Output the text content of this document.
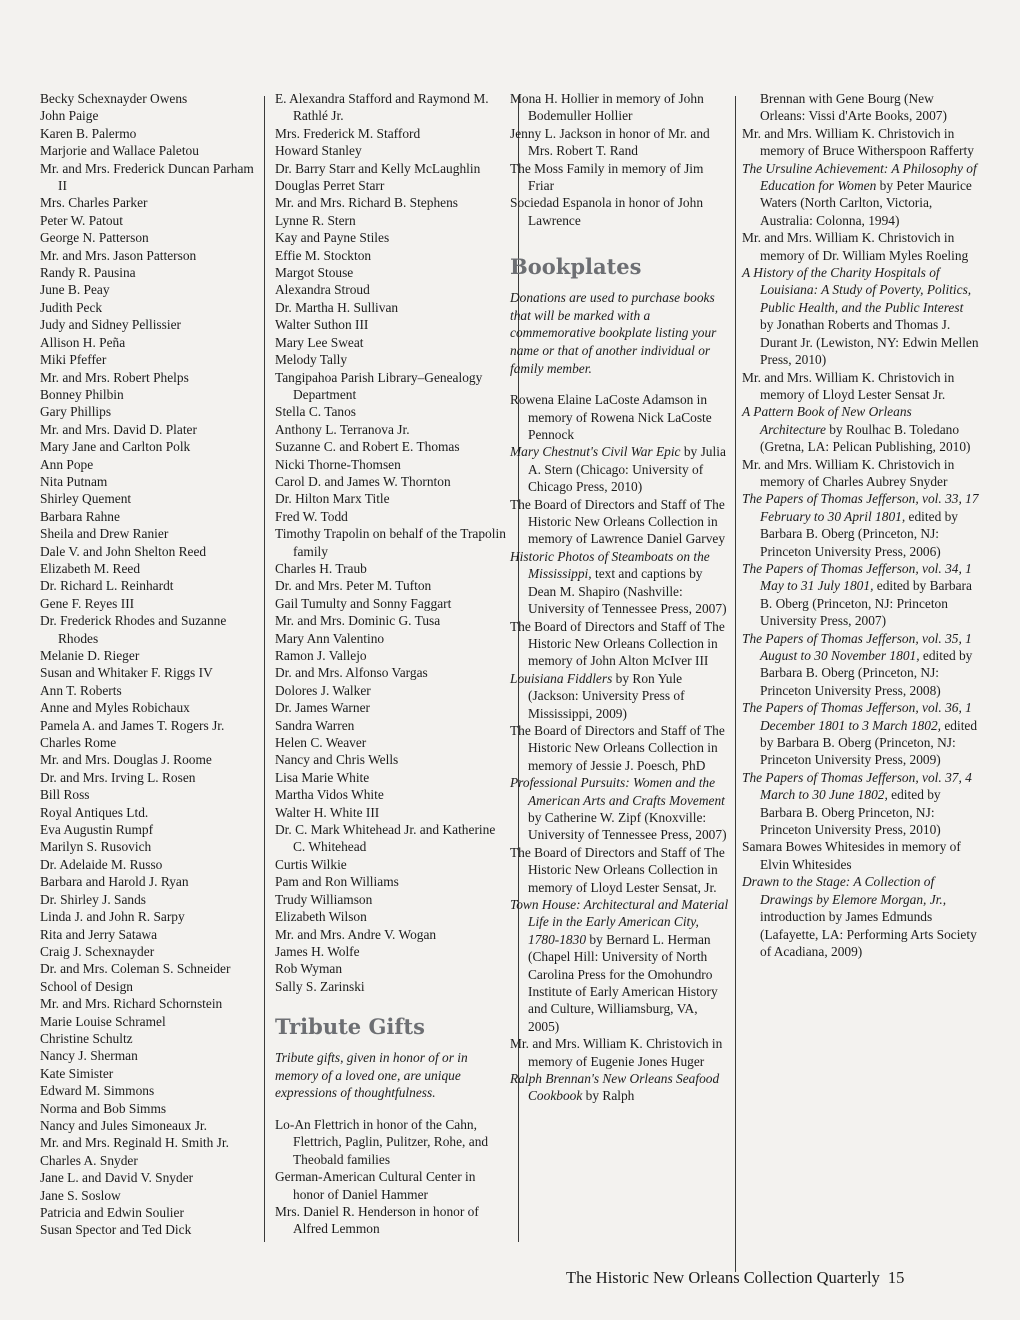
Becky Schexnayder Owens

John Paige

Karen B. Palermo

Marjorie and Wallace Paletou

Mr. and Mrs. Frederick Duncan Parham II

Mrs. Charles Parker

Peter W. Patout

George N. Patterson

Mr. and Mrs. Jason Patterson

Randy R. Pausina

June B. Peay

Judith Peck

Judy and Sidney Pellissier

Allison H. Peña

Miki Pfeffer

Mr. and Mrs. Robert Phelps

Bonney Philbin

Gary Phillips

Mr. and Mrs. David D. Plater

Mary Jane and Carlton Polk

Ann Pope

Nita Putnam

Shirley Quement

Barbara Rahne

Sheila and Drew Ranier

Dale V. and John Shelton Reed

Elizabeth M. Reed

Dr. Richard L. Reinhardt

Gene F. Reyes III

Dr. Frederick Rhodes and Suzanne Rhodes

Melanie D. Rieger

Susan and Whitaker F. Riggs IV

Ann T. Roberts

Anne and Myles Robichaux

Pamela A. and James T. Rogers Jr.

Charles Rome

Mr. and Mrs. Douglas J. Roome

Dr. and Mrs. Irving L. Rosen

Bill Ross

Royal Antiques Ltd.

Eva Augustin Rumpf

Marilyn S. Rusovich

Dr. Adelaide M. Russo

Barbara and Harold J. Ryan

Dr. Shirley J. Sands

Linda J. and John R. Sarpy

Rita and Jerry Satawa

Craig J. Schexnayder

Dr. and Mrs. Coleman S. Schneider

School of Design

Mr. and Mrs. Richard Schornstein

Marie Louise Schramel

Christine Schultz

Nancy J. Sherman

Kate Simister

Edward M. Simmons

Norma and Bob Simms

Nancy and Jules Simoneaux Jr.

Mr. and Mrs. Reginald H. Smith Jr.

Charles A. Snyder

Jane L. and David V. Snyder

Jane S. Soslow

Patricia and Edwin Soulier

Susan Spector and Ted Dick

E. Alexandra Stafford and Raymond M. Rathlé Jr.

Mrs. Frederick M. Stafford

Howard Stanley

Dr. Barry Starr and Kelly McLaughlin

Douglas Perret Starr

Mr. and Mrs. Richard B. Stephens

Lynne R. Stern

Kay and Payne Stiles

Effie M. Stockton

Margot Stouse

Alexandra Stroud

Dr. Martha H. Sullivan

Walter Suthon III

Mary Lee Sweat

Melody Tally

Tangipahoa Parish Library–Genealogy Department

Stella C. Tanos

Anthony L. Terranova Jr.

Suzanne C. and Robert E. Thomas

Nicki Thorne-Thomsen

Carol D. and James W. Thornton

Dr. Hilton Marx Title

Fred W. Todd

Timothy Trapolin on behalf of the Trapolin family

Charles H. Traub

Dr. and Mrs. Peter M. Tufton

Gail Tumulty and Sonny Faggart

Mr. and Mrs. Dominic G. Tusa

Mary Ann Valentino

Ramon J. Vallejo

Dr. and Mrs. Alfonso Vargas

Dolores J. Walker

Dr. James Warner

Sandra Warren

Helen C. Weaver

Nancy and Chris Wells

Lisa Marie White

Martha Vidos White

Walter H. White III

Dr. C. Mark Whitehead Jr. and Katherine C. Whitehead

Curtis Wilkie

Pam and Ron Williams

Trudy Williamson

Elizabeth Wilson

Mr. and Mrs. Andre V. Wogan

James H. Wolfe

Rob Wyman

Sally S. Zarinski

Tribute Gifts

Tribute gifts, given in honor of or in memory of a loved one, are unique expressions of thoughtfulness.

Lo-An Flettrich in honor of the Cahn, Flettrich, Paglin, Pulitzer, Rohe, and Theobald families

German-American Cultural Center in honor of Daniel Hammer

Mrs. Daniel R. Henderson in honor of Alfred Lemmon

Mona H. Hollier in memory of John Bodemuller Hollier

Jenny L. Jackson in honor of Mr. and Mrs. Robert T. Rand

The Moss Family in memory of Jim Friar

Sociedad Espanola in honor of John Lawrence

Bookplates

Donations are used to purchase books that will be marked with a commemorative bookplate listing your name or that of another individual or family member.

Rowena Elaine LaCoste Adamson in memory of Rowena Nick LaCoste Pennock
Mary Chestnut's Civil War Epic by Julia A. Stern (Chicago: University of Chicago Press, 2010)
The Board of Directors and Staff of The Historic New Orleans Collection in memory of Lawrence Daniel Garvey
Historic Photos of Steamboats on the Mississippi, text and captions by Dean M. Shapiro (Nashville: University of Tennessee Press, 2007)
The Board of Directors and Staff of The Historic New Orleans Collection in memory of John Alton McIver III
Louisiana Fiddlers by Ron Yule (Jackson: University Press of Mississippi, 2009)
The Board of Directors and Staff of The Historic New Orleans Collection in memory of Jessie J. Poesch, PhD
Professional Pursuits: Women and the American Arts and Crafts Movement by Catherine W. Zipf (Knoxville: University of Tennessee Press, 2007)
The Board of Directors and Staff of The Historic New Orleans Collection in memory of Lloyd Lester Sensat, Jr.
Town House: Architectural and Material Life in the Early American City, 1780-1830 by Bernard L. Herman (Chapel Hill: University of North Carolina Press for the Omohundro Institute of Early American History and Culture, Williamsburg, VA, 2005)
Mr. and Mrs. William K. Christovich in memory of Eugenie Jones Huger
Ralph Brennan's New Orleans Seafood Cookbook by Ralph

Brennan with Gene Bourg (New Orleans: Vissi d'Arte Books, 2007)

Mr. and Mrs. William K. Christovich in memory of Bruce Witherspoon Rafferty
The Ursuline Achievement: A Philosophy of Education for Women by Peter Maurice Waters (North Carlton, Victoria, Australia: Colonna, 1994)
Mr. and Mrs. William K. Christovich in memory of Dr. William Myles Roeling
A History of the Charity Hospitals of Louisiana: A Study of Poverty, Politics, Public Health, and the Public Interest by Jonathan Roberts and Thomas J. Durant Jr. (Lewiston, NY: Edwin Mellen Press, 2010)
Mr. and Mrs. William K. Christovich in memory of Lloyd Lester Sensat Jr.
A Pattern Book of New Orleans Architecture by Roulhac B. Toledano (Gretna, LA: Pelican Publishing, 2010)
Mr. and Mrs. William K. Christovich in memory of Charles Aubrey Snyder
The Papers of Thomas Jefferson, vol. 33, 17 February to 30 April 1801, edited by Barbara B. Oberg (Princeton, NJ: Princeton University Press, 2006)
The Papers of Thomas Jefferson, vol. 34, 1 May to 31 July 1801, edited by Barbara B. Oberg (Princeton, NJ: Princeton University Press, 2007)
The Papers of Thomas Jefferson, vol. 35, 1 August to 30 November 1801, edited by Barbara B. Oberg (Princeton, NJ: Princeton University Press, 2008)
The Papers of Thomas Jefferson, vol. 36, 1 December 1801 to 3 March 1802, edited by Barbara B. Oberg (Princeton, NJ: Princeton University Press, 2009)
The Papers of Thomas Jefferson, vol. 37, 4 March to 30 June 1802, edited by Barbara B. Oberg Princeton, NJ: Princeton University Press, 2010)
Samara Bowes Whitesides in memory of Elvin Whitesides
Drawn to the Stage: A Collection of Drawings by Elemore Morgan, Jr., introduction by James Edmunds (Lafayette, LA: Performing Arts Society of Acadiana, 2009)
The Historic New Orleans Collection Quarterly 15
